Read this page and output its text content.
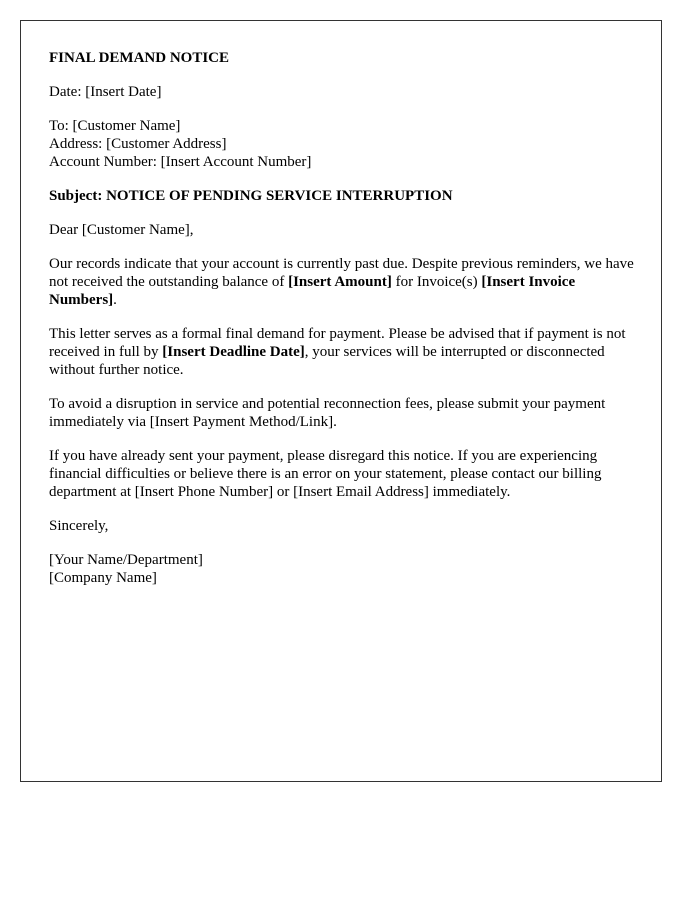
FINAL DEMAND NOTICE

Date: [Insert Date]

To: [Customer Name]
Address: [Customer Address]
Account Number: [Insert Account Number]

Subject: NOTICE OF PENDING SERVICE INTERRUPTION

Dear [Customer Name],

Our records indicate that your account is currently past due. Despite previous reminders, we have not received the outstanding balance of [Insert Amount] for Invoice(s) [Insert Invoice Numbers].

This letter serves as a formal final demand for payment. Please be advised that if payment is not received in full by [Insert Deadline Date], your services will be interrupted or disconnected without further notice.

To avoid a disruption in service and potential reconnection fees, please submit your payment immediately via [Insert Payment Method/Link].

If you have already sent your payment, please disregard this notice. If you are experiencing financial difficulties or believe there is an error on your statement, please contact our billing department at [Insert Phone Number] or [Insert Email Address] immediately.

Sincerely,

[Your Name/Department]
[Company Name]
